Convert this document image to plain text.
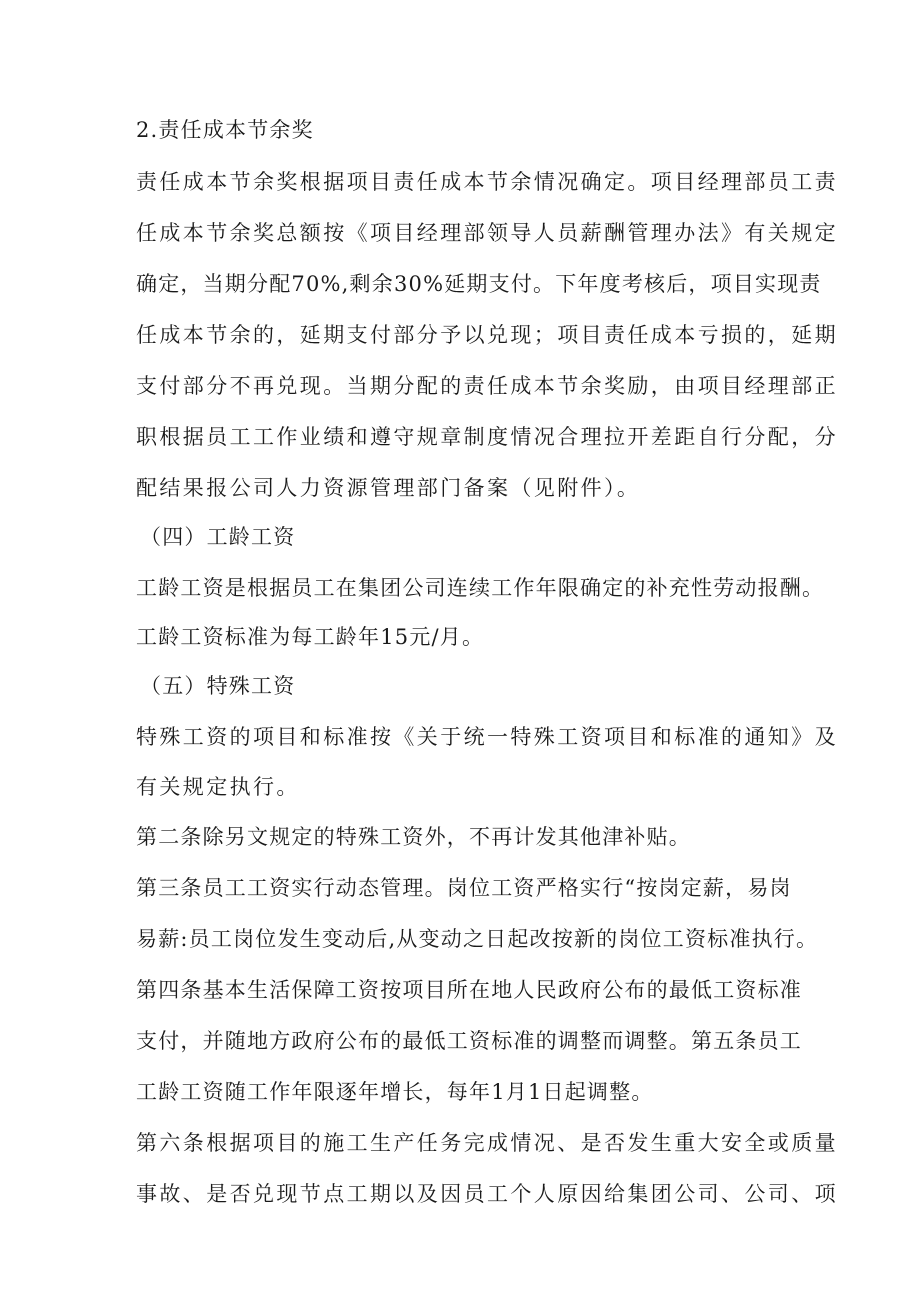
2.责任成本节余奖
责任成本节余奖根据项目责任成本节余情况确定。项目经理部员工责
任成本节余奖总额按《项目经理部领导人员薪酬管理办法》有关规定
确定，当期分配70%,剩余30%延期支付。下年度考核后，项目实现责
任成本节余的，延期支付部分予以兑现；项目责任成本亏损的，延期
支付部分不再兑现。当期分配的责任成本节余奖励，由项目经理部正
职根据员工工作业绩和遵守规章制度情况合理拉开差距自行分配，分
配结果报公司人力资源管理部门备案（见附件）。
（四）工龄工资
工龄工资是根据员工在集团公司连续工作年限确定的补充性劳动报酬。
工龄工资标准为每工龄年15元/月。
（五）特殊工资
特殊工资的项目和标准按《关于统一特殊工资项目和标准的通知》及
有关规定执行。
第二条除另文规定的特殊工资外，不再计发其他津补贴。
第三条员工工资实行动态管理。岗位工资严格实行“按岗定薪，易岗
易薪:员工岗位发生变动后,从变动之日起改按新的岗位工资标准执行。
第四条基本生活保障工资按项目所在地人民政府公布的最低工资标准
支付，并随地方政府公布的最低工资标准的调整而调整。第五条员工
工龄工资随工作年限逐年增长，每年1月1日起调整。
第六条根据项目的施工生产任务完成情况、是否发生重大安全或质量
事故、是否兑现节点工期以及因员工个人原因给集团公司、公司、项
